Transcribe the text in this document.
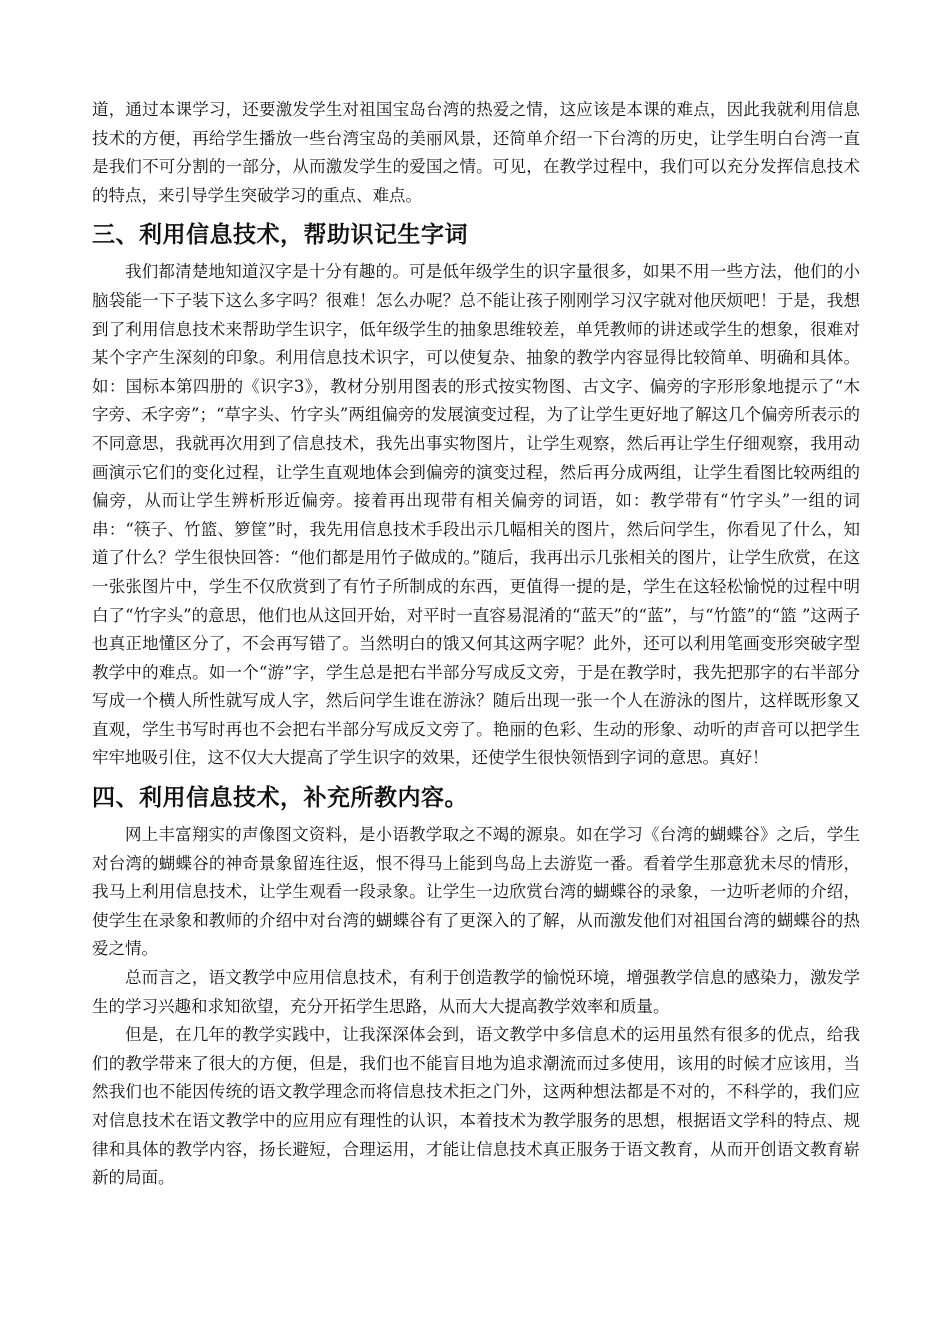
道，通过本课学习，还要激发学生对祖国宝岛台湾的热爱之情，这应该是本课的难点，因此我就利用信息技术的方便，再给学生播放一些台湾宝岛的美丽风景，还简单介绍一下台湾的历史，让学生明白台湾一直是我们不可分割的一部分，从而激发学生的爱国之情。可见，在教学过程中，我们可以充分发挥信息技术的特点，来引导学生突破学习的重点、难点。

三、利用信息技术，帮助识记生字词

我们都清楚地知道汉字是十分有趣的。可是低年级学生的识字量很多，如果不用一些方法，他们的小脑袋能一下子装下这么多字吗？很难！怎么办呢？总不能让孩子刚刚学习汉字就对他厌烦吧！于是，我想到了利用信息技术来帮助学生识字，低年级学生的抽象思维较差，单凭教师的讲述或学生的想象，很难对某个字产生深刻的印象。利用信息技术识字，可以使复杂、抽象的教学内容显得比较简单、明确和具体。如：国标本第四册的《识字3》，教材分别用图表的形式按实物图、古文字、偏旁的字形形象地提示了“木字旁、禾字旁”；“草字头、竹字头”两组偏旁的发展演变过程，为了让学生更好地了解这几个偏旁所表示的不同意思，我就再次用到了信息技术，我先出事实物图片，让学生观察，然后再让学生仔细观察，我用动画演示它们的变化过程，让学生直观地体会到偏旁的演变过程，然后再分成两组，让学生看图比较两组的偏旁，从而让学生辨析形近偏旁。接着再出现带有相关偏旁的词语，如：教学带有“竹字头”一组的词串：“筷子、竹篮、箩筐”时，我先用信息技术手段出示几幅相关的图片，然后问学生，你看见了什么，知道了什么？学生很快回答：“他们都是用竹子做成的。”随后，我再出示几张相关的图片，让学生欣赏，在这一张张图片中，学生不仅欣赏到了有竹子所制成的东西，更值得一提的是，学生在这轻松愉悦的过程中明白了“竹字头”的意思，他们也从这回开始，对平时一直容易混淆的“蓝天”的“蓝”，与“竹篮”的“篮 ”这两子也真正地懂区分了，不会再写错了。当然明白的饿又何其这两字呢？此外，还可以利用笔画变形突破字型教学中的难点。如一个“游”字，学生总是把右半部分写成反文旁，于是在教学时，我先把那字的右半部分写成一个横人所性就写成人字，然后问学生谁在游泳？随后出现一张一个人在游泳的图片，这样既形象又直观，学生书写时再也不会把右半部分写成反文旁了。艳丽的色彩、生动的形象、动听的声音可以把学生牢牢地吸引住，这不仅大大提高了学生识字的效果，还使学生很快领悟到字词的意思。真好！

四、利用信息技术，补充所教内容。

网上丰富翔实的声像图文资料，是小语教学取之不竭的源泉。如在学习《台湾的蝴蝶谷》之后，学生对台湾的蝴蝶谷的神奇景象留连往返，恨不得马上能到鸟岛上去游览一番。看着学生那意犹未尽的情形，我马上利用信息技术，让学生观看一段录象。让学生一边欣赏台湾的蝴蝶谷的录象，一边听老师的介绍，使学生在录象和教师的介绍中对台湾的蝴蝶谷有了更深入的了解，从而激发他们对祖国台湾的蝴蝶谷的热爱之情。

总而言之，语文教学中应用信息技术，有利于创造教学的愉悦环境，增强教学信息的感染力，激发学生的学习兴趣和求知欲望，充分开拓学生思路，从而大大提高教学效率和质量。

但是，在几年的教学实践中，让我深深体会到，语文教学中多信息术的运用虽然有很多的优点，给我们的教学带来了很大的方便，但是，我们也不能盲目地为追求潮流而过多使用，该用的时候才应该用，当然我们也不能因传统的语文教学理念而将信息技术拒之门外，这两种想法都是不对的，不科学的，我们应对信息技术在语文教学中的应用应有理性的认识，本着技术为教学服务的思想，根据语文学科的特点、规律和具体的教学内容，扬长避短，合理运用，才能让信息技术真正服务于语文教育，从而开创语文教育崭新的局面。
